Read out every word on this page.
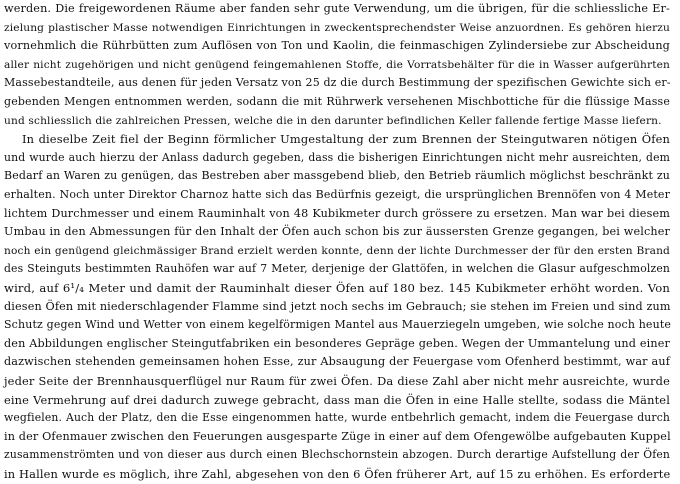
werden. Die freigewordenen Räume aber fanden sehr gute Verwendung, um die übrigen, für die schliessliche Er-
zielung plastischer Masse notwendigen Einrichtungen in zweckentsprechendster Weise anzuordnen. Es gehören hierzu
vornehmlich die Rührbütten zum Auflösen von Ton und Kaolin, die feinmaschigen Zylindersiebe zur Abscheidung
aller nicht zugehörigen und nicht genügend feingemahlenen Stoffe, die Vorratsbehälter für die in Wasser aufgerührten
Massebestandteile, aus denen für jeden Versatz von 25 dz die durch Bestimmung der spezifischen Gewichte sich er-
gebenden Mengen entnommen werden, sodann die mit Rührwerk versehenen Mischbottiche für die flüssige Masse
und schliesslich die zahlreichen Pressen, welche die in den darunter befindlichen Keller fallende fertige Masse liefern.
In dieselbe Zeit fiel der Beginn förmlicher Umgestaltung der zum Brennen der Steingutwaren nötigen Öfen
und wurde auch hierzu der Anlass dadurch gegeben, dass die bisherigen Einrichtungen nicht mehr ausreichten, dem
Bedarf an Waren zu genügen, das Bestreben aber massgebend blieb, den Betrieb räumlich möglichst beschränkt zu
erhalten. Noch unter Direktor Charnoz hatte sich das Bedürfnis gezeigt, die ursprünglichen Brennöfen von 4 Meter
lichtem Durchmesser und einem Rauminhalt von 48 Kubikmeter durch grössere zu ersetzen. Man war bei diesem
Umbau in den Abmessungen für den Inhalt der Öfen auch schon bis zur äussersten Grenze gegangen, bei welcher
noch ein genügend gleichmässiger Brand erzielt werden konnte, denn der lichte Durchmesser der für den ersten Brand
des Steinguts bestimmten Rauhöfen war auf 7 Meter, derjenige der Glattöfen, in welchen die Glasur aufgeschmolzen
wird, auf 6¹/₄ Meter und damit der Rauminhalt dieser Öfen auf 180 bez. 145 Kubikmeter erhöht worden. Von
diesen Öfen mit niederschlagender Flamme sind jetzt noch sechs im Gebrauch; sie stehen im Freien und sind zum
Schutz gegen Wind und Wetter von einem kegelförmigen Mantel aus Mauerziegeln umgeben, wie solche noch heute
den Abbildungen englischer Steingutfabriken ein besonderes Gepräge geben. Wegen der Ummantelung und einer
dazwischen stehenden gemeinsamen hohen Esse, zur Absaugung der Feuergase vom Ofenherd bestimmt, war auf
jeder Seite der Brennhausquerflügel nur Raum für zwei Öfen. Da diese Zahl aber nicht mehr ausreichte, wurde
eine Vermehrung auf drei dadurch zuwege gebracht, dass man die Öfen in eine Halle stellte, sodass die Mäntel
wegfielen. Auch der Platz, den die Esse eingenommen hatte, wurde entbehrlich gemacht, indem die Feuergase durch
in der Ofenmauer zwischen den Feuerungen ausgesparte Züge in einer auf dem Ofengewölbe aufgebauten Kuppel
zusammenströmten und von dieser aus durch einen Blechschornstein abzogen. Durch derartige Aufstellung der Öfen
in Hallen wurde es möglich, ihre Zahl, abgesehen von den 6 Öfen früherer Art, auf 15 zu erhöhen. Es erforderte
